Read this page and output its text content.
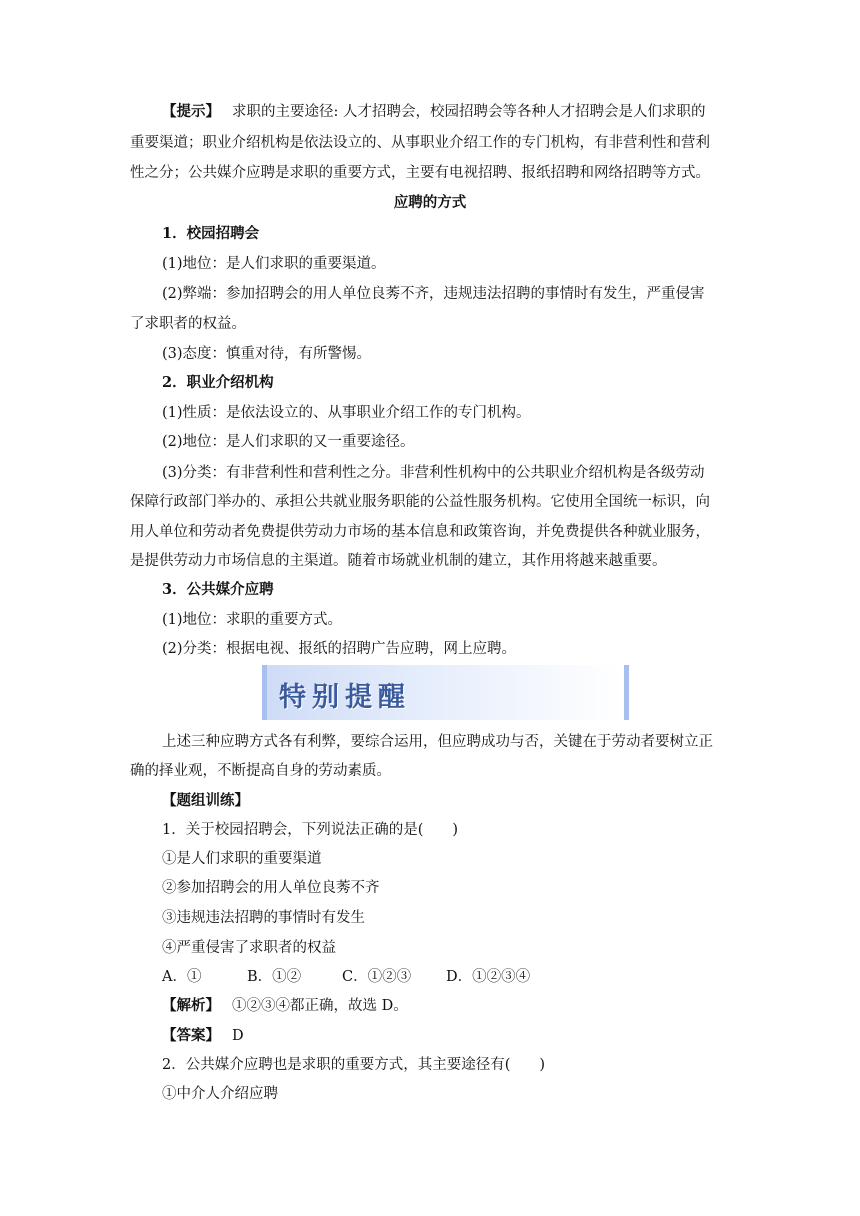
【提示】 求职的主要途径: 人才招聘会，校园招聘会等各种人才招聘会是人们求职的

重要渠道；职业介绍机构是依法设立的、从事职业介绍工作的专门机构，有非营利性和营利

性之分；公共媒介应聘是求职的重要方式，主要有电视招聘、报纸招聘和网络招聘等方式。

应聘的方式

1．校园招聘会

(1)地位：是人们求职的重要渠道。

(2)弊端：参加招聘会的用人单位良莠不齐，违规违法招聘的事情时有发生，严重侵害

了求职者的权益。

(3)态度：慎重对待，有所警惕。

2．职业介绍机构

(1)性质：是依法设立的、从事职业介绍工作的专门机构。

(2)地位：是人们求职的又一重要途径。

(3)分类：有非营利性和营利性之分。非营利性机构中的公共职业介绍机构是各级劳动

保障行政部门举办的、承担公共就业服务职能的公益性服务机构。它使用全国统一标识，向

用人单位和劳动者免费提供劳动力市场的基本信息和政策咨询，并免费提供各种就业服务，

是提供劳动力市场信息的主渠道。随着市场就业机制的建立，其作用将越来越重要。

3．公共媒介应聘

(1)地位：求职的重要方式。

(2)分类：根据电视、报纸的招聘广告应聘，网上应聘。

特别提醒

上述三种应聘方式各有利弊，要综合运用，但应聘成功与否，关键在于劳动者要树立正

确的择业观，不断提高自身的劳动素质。

【题组训练】

1．关于校园招聘会，下列说法正确的是(　　)

①是人们求职的重要渠道

②参加招聘会的用人单位良莠不齐

③违规违法招聘的事情时有发生

④严重侵害了求职者的权益

A．①	B．①②	C．①②③ D．①②③④

【解析】 ①②③④都正确，故选 D。

【答案】 D

2．公共媒介应聘也是求职的重要方式，其主要途径有(　　)

①中介人介绍应聘
